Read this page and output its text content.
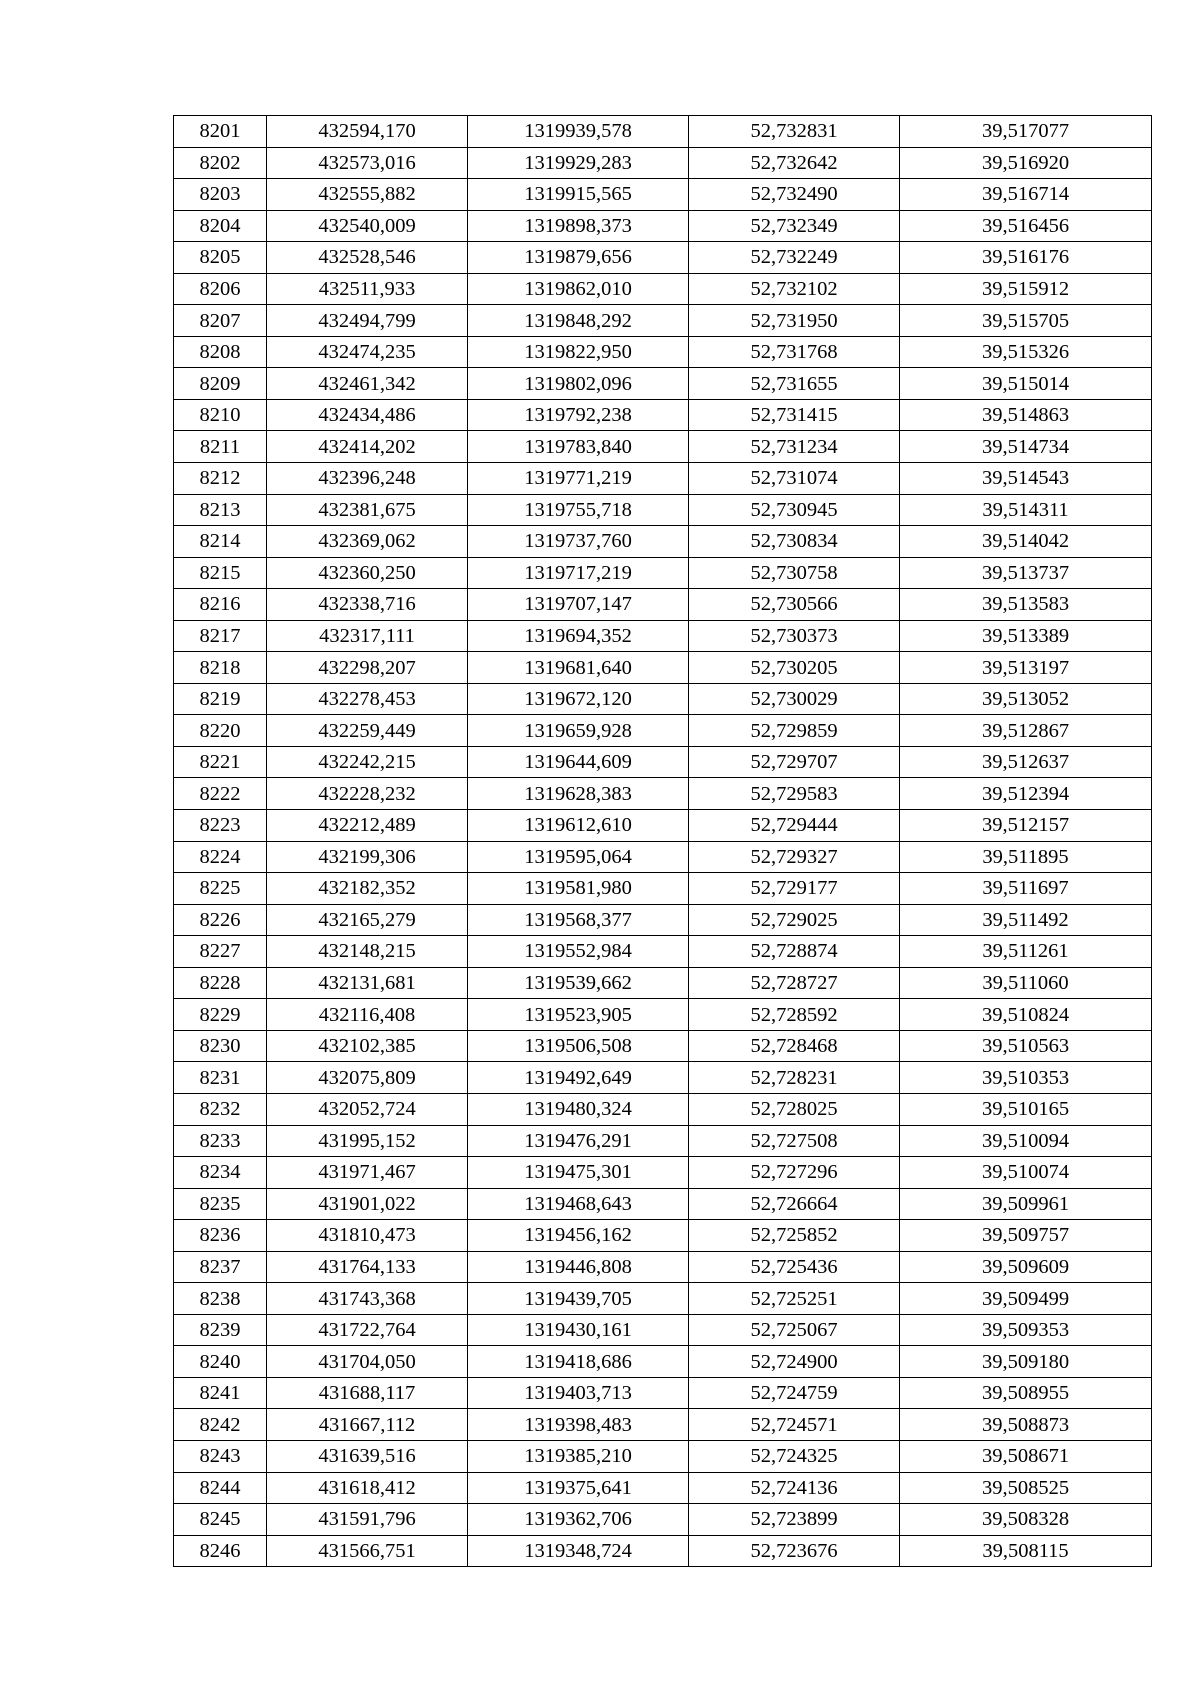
8201	432594,170	1319939,578	52,732831	39,517077
8202	432573,016	1319929,283	52,732642	39,516920
8203	432555,882	1319915,565	52,732490	39,516714
8204	432540,009	1319898,373	52,732349	39,516456
8205	432528,546	1319879,656	52,732249	39,516176
8206	432511,933	1319862,010	52,732102	39,515912
8207	432494,799	1319848,292	52,731950	39,515705
8208	432474,235	1319822,950	52,731768	39,515326
8209	432461,342	1319802,096	52,731655	39,515014
8210	432434,486	1319792,238	52,731415	39,514863
8211	432414,202	1319783,840	52,731234	39,514734
8212	432396,248	1319771,219	52,731074	39,514543
8213	432381,675	1319755,718	52,730945	39,514311
8214	432369,062	1319737,760	52,730834	39,514042
8215	432360,250	1319717,219	52,730758	39,513737
8216	432338,716	1319707,147	52,730566	39,513583
8217	432317,111	1319694,352	52,730373	39,513389
8218	432298,207	1319681,640	52,730205	39,513197
8219	432278,453	1319672,120	52,730029	39,513052
8220	432259,449	1319659,928	52,729859	39,512867
8221	432242,215	1319644,609	52,729707	39,512637
8222	432228,232	1319628,383	52,729583	39,512394
8223	432212,489	1319612,610	52,729444	39,512157
8224	432199,306	1319595,064	52,729327	39,511895
8225	432182,352	1319581,980	52,729177	39,511697
8226	432165,279	1319568,377	52,729025	39,511492
8227	432148,215	1319552,984	52,728874	39,511261
8228	432131,681	1319539,662	52,728727	39,511060
8229	432116,408	1319523,905	52,728592	39,510824
8230	432102,385	1319506,508	52,728468	39,510563
8231	432075,809	1319492,649	52,728231	39,510353
8232	432052,724	1319480,324	52,728025	39,510165
8233	431995,152	1319476,291	52,727508	39,510094
8234	431971,467	1319475,301	52,727296	39,510074
8235	431901,022	1319468,643	52,726664	39,509961
8236	431810,473	1319456,162	52,725852	39,509757
8237	431764,133	1319446,808	52,725436	39,509609
8238	431743,368	1319439,705	52,725251	39,509499
8239	431722,764	1319430,161	52,725067	39,509353
8240	431704,050	1319418,686	52,724900	39,509180
8241	431688,117	1319403,713	52,724759	39,508955
8242	431667,112	1319398,483	52,724571	39,508873
8243	431639,516	1319385,210	52,724325	39,508671
8244	431618,412	1319375,641	52,724136	39,508525
8245	431591,796	1319362,706	52,723899	39,508328
8246	431566,751	1319348,724	52,723676	39,508115
